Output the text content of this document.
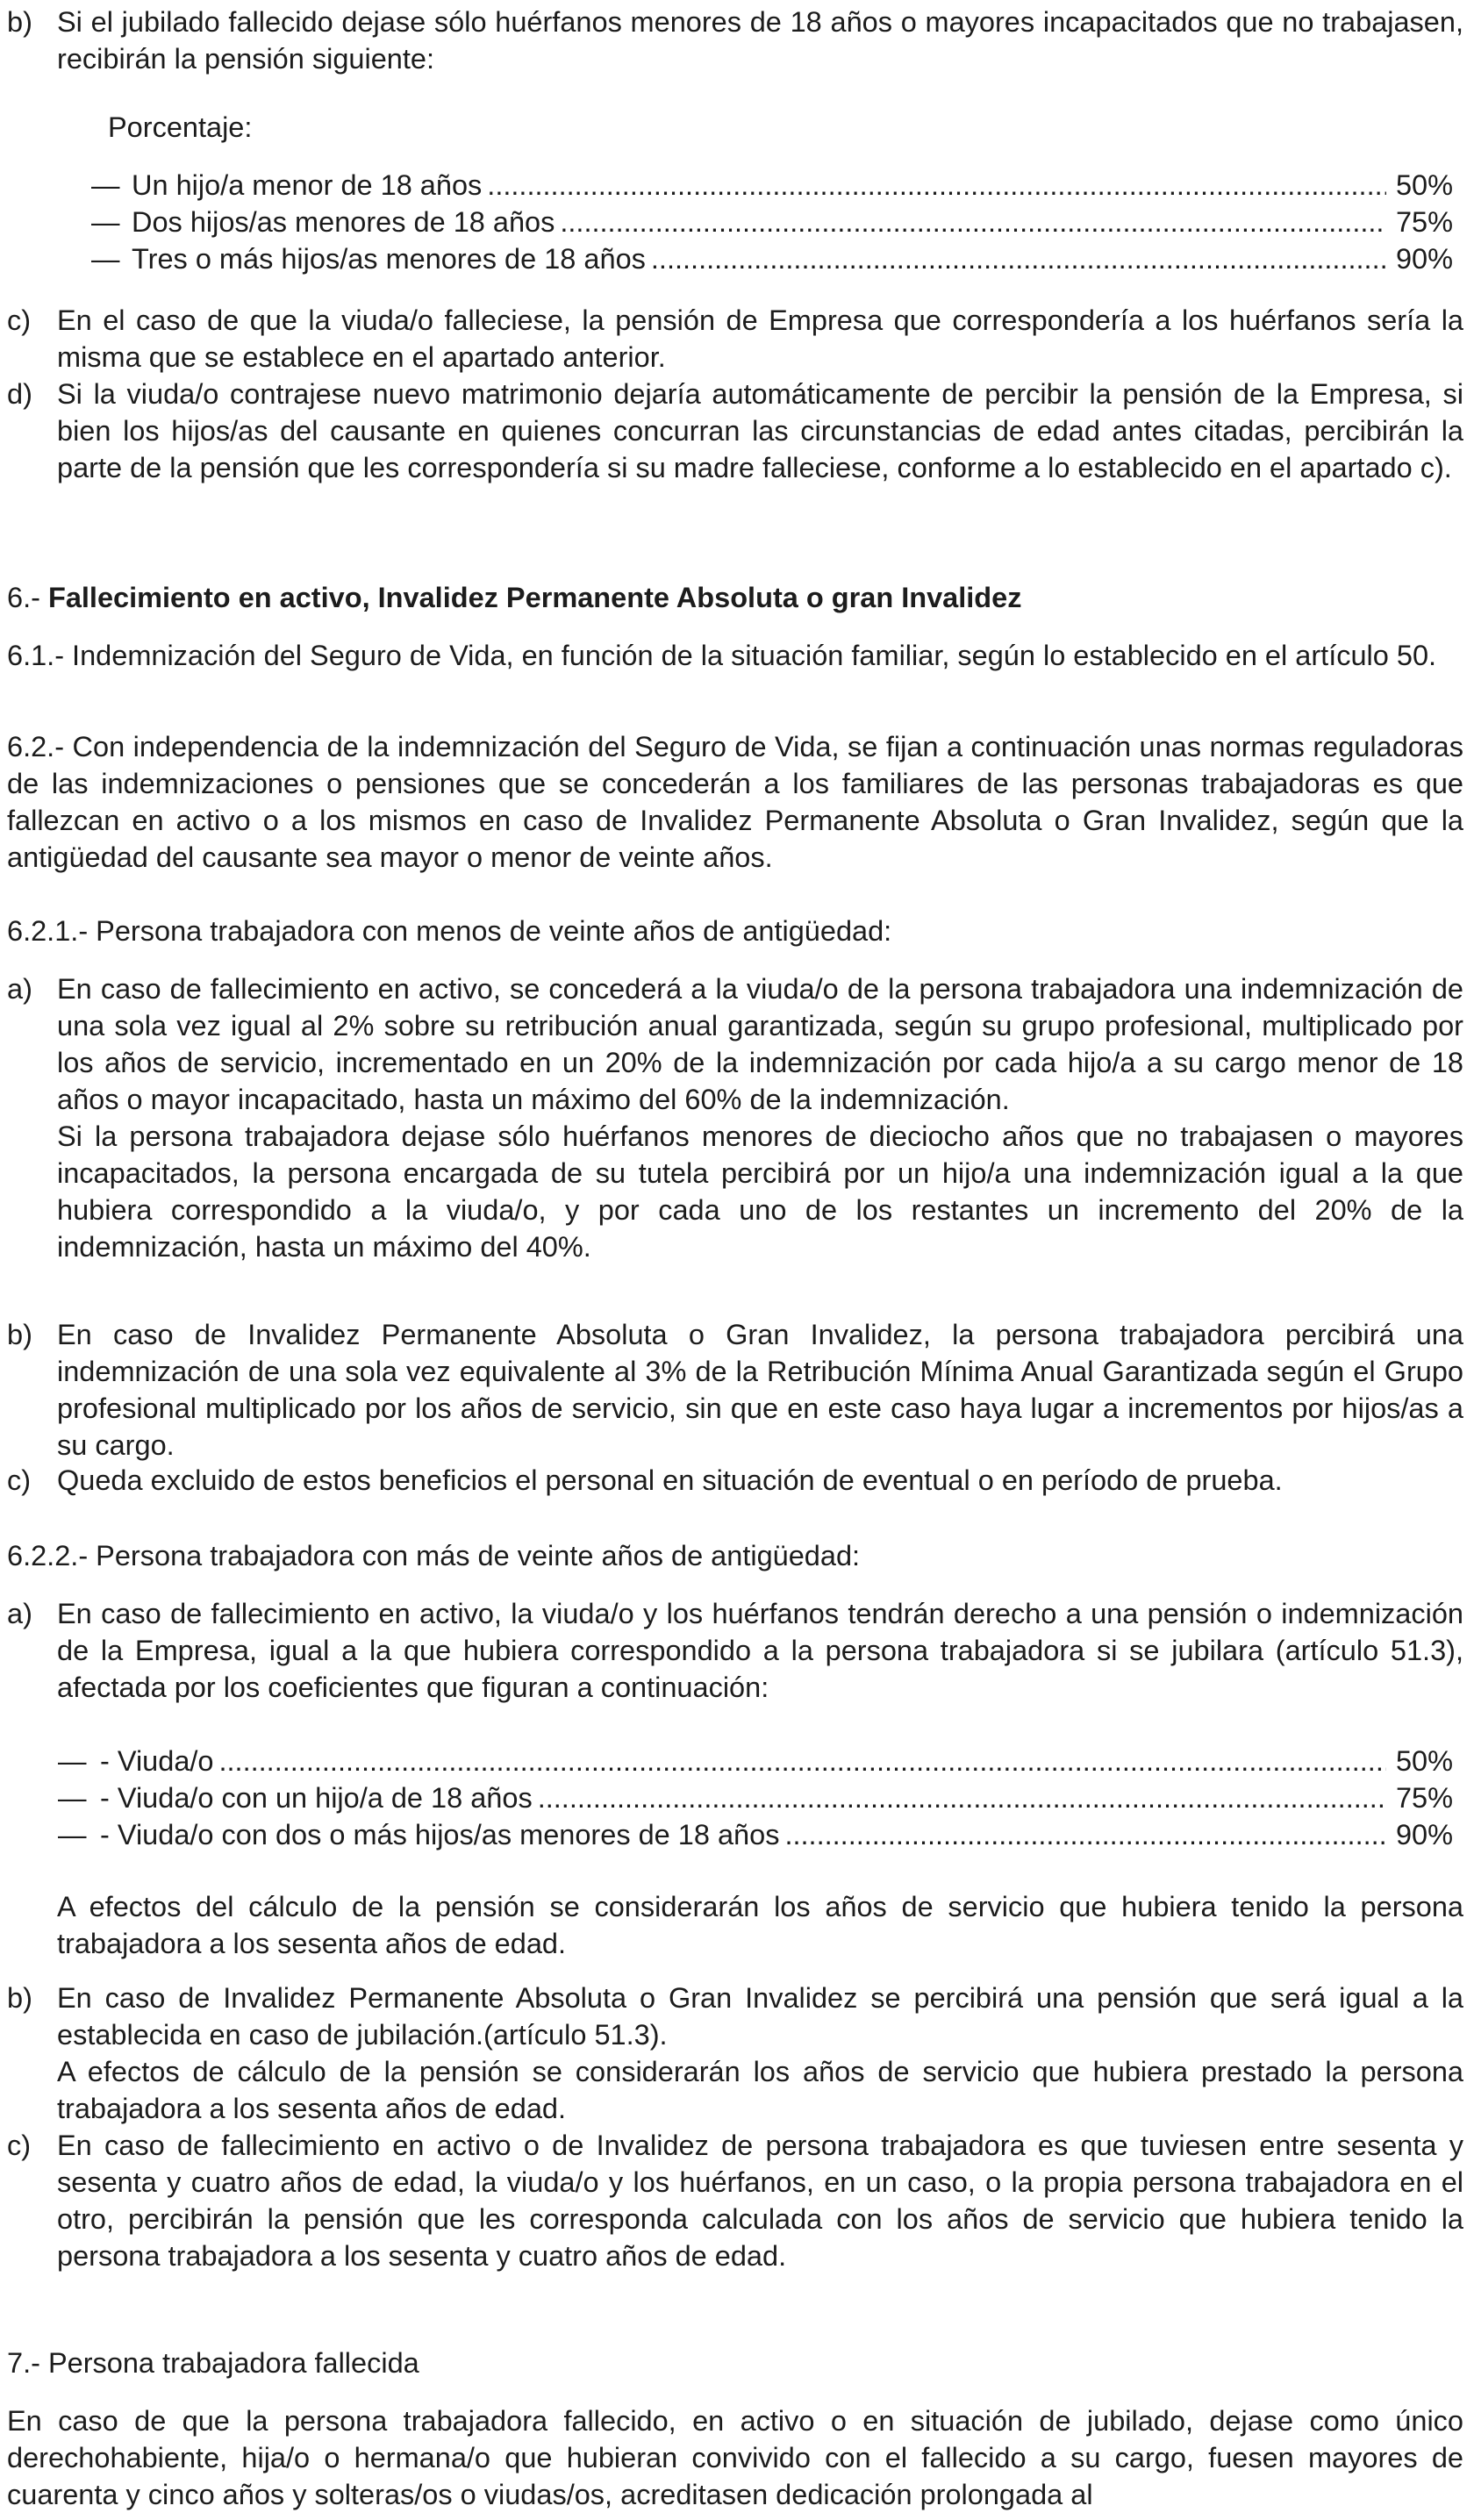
b) Si el jubilado fallecido dejase sólo huérfanos menores de 18 años o mayores incapacitados que no trabajasen, recibirán la pensión siguiente:
Porcentaje:
— Un hijo/a menor de 18 años .....	50%
— Dos hijos/as menores de 18 años .....	75%
— Tres o más hijos/as menores de 18 años .....	90%
c) En el caso de que la viuda/o falleciese, la pensión de Empresa que correspondería a los huérfanos sería la misma que se establece en el apartado anterior.
d) Si la viuda/o contrajese nuevo matrimonio dejaría automáticamente de percibir la pensión de la Empresa, si bien los hijos/as del causante en quienes concurran las circunstancias de edad antes citadas, percibirán la parte de la pensión que les correspondería si su madre falleciese, conforme a lo establecido en el apartado c).
6.- Fallecimiento en activo, Invalidez Permanente Absoluta o gran Invalidez
6.1.- Indemnización del Seguro de Vida, en función de la situación familiar, según lo establecido en el artículo 50.
6.2.- Con independencia de la indemnización del Seguro de Vida, se fijan a continuación unas normas reguladoras de las indemnizaciones o pensiones que se concederán a los familiares de las personas trabajadoras es que fallezcan en activo o a los mismos en caso de Invalidez Permanente Absoluta o Gran Invalidez, según que la antigüedad del causante sea mayor o menor de veinte años.
6.2.1.- Persona trabajadora con menos de veinte años de antigüedad:
a) En caso de fallecimiento en activo, se concederá a la viuda/o de la persona trabajadora una indemnización de una sola vez igual al 2% sobre su retribución anual garantizada, según su grupo profesional, multiplicado por los años de servicio, incrementado en un 20% de la indemnización por cada hijo/a a su cargo menor de 18 años o mayor incapacitado, hasta un máximo del 60% de la indemnización.
Si la persona trabajadora dejase sólo huérfanos menores de dieciocho años que no trabajasen o mayores incapacitados, la persona encargada de su tutela percibirá por un hijo/a una indemnización igual a la que hubiera correspondido a la viuda/o, y por cada uno de los restantes un incremento del 20% de la indemnización, hasta un máximo del 40%.
b) En caso de Invalidez Permanente Absoluta o Gran Invalidez, la persona trabajadora percibirá una indemnización de una sola vez equivalente al 3% de la Retribución Mínima Anual Garantizada según el Grupo profesional multiplicado por los años de servicio, sin que en este caso haya lugar a incrementos por hijos/as a su cargo.
c) Queda excluido de estos beneficios el personal en situación de eventual o en período de prueba.
6.2.2.- Persona trabajadora con más de veinte años de antigüedad:
a) En caso de fallecimiento en activo, la viuda/o y los huérfanos tendrán derecho a una pensión o indemnización de la Empresa, igual a la que hubiera correspondido a la persona trabajadora si se jubilara (artículo 51.3), afectada por los coeficientes que figuran a continuación:
— - Viuda/o .....	50%
— - Viuda/o con un hijo/a de 18 años .....	75%
— - Viuda/o con dos o más hijos/as menores de 18 años .....	90%
A efectos del cálculo de la pensión se considerarán los años de servicio que hubiera tenido la persona trabajadora a los sesenta años de edad.
b) En caso de Invalidez Permanente Absoluta o Gran Invalidez se percibirá una pensión que será igual a la establecida en caso de jubilación.(artículo 51.3).
A efectos de cálculo de la pensión se considerarán los años de servicio que hubiera prestado la persona trabajadora a los sesenta años de edad.
c) En caso de fallecimiento en activo o de Invalidez de persona trabajadora es que tuviesen entre sesenta y sesenta y cuatro años de edad, la viuda/o y los huérfanos, en un caso, o la propia persona trabajadora en el otro, percibirán la pensión que les corresponda calculada con los años de servicio que hubiera tenido la persona trabajadora a los sesenta y cuatro años de edad.
7.- Persona trabajadora fallecida
En caso de que la persona trabajadora fallecido, en activo o en situación de jubilado, dejase como único derechohabiente, hija/o o hermana/o que hubieran convivido con el fallecido a su cargo, fuesen mayores de cuarenta y cinco años y solteras/os o viudas/os, acreditasen dedicación prolongada al
